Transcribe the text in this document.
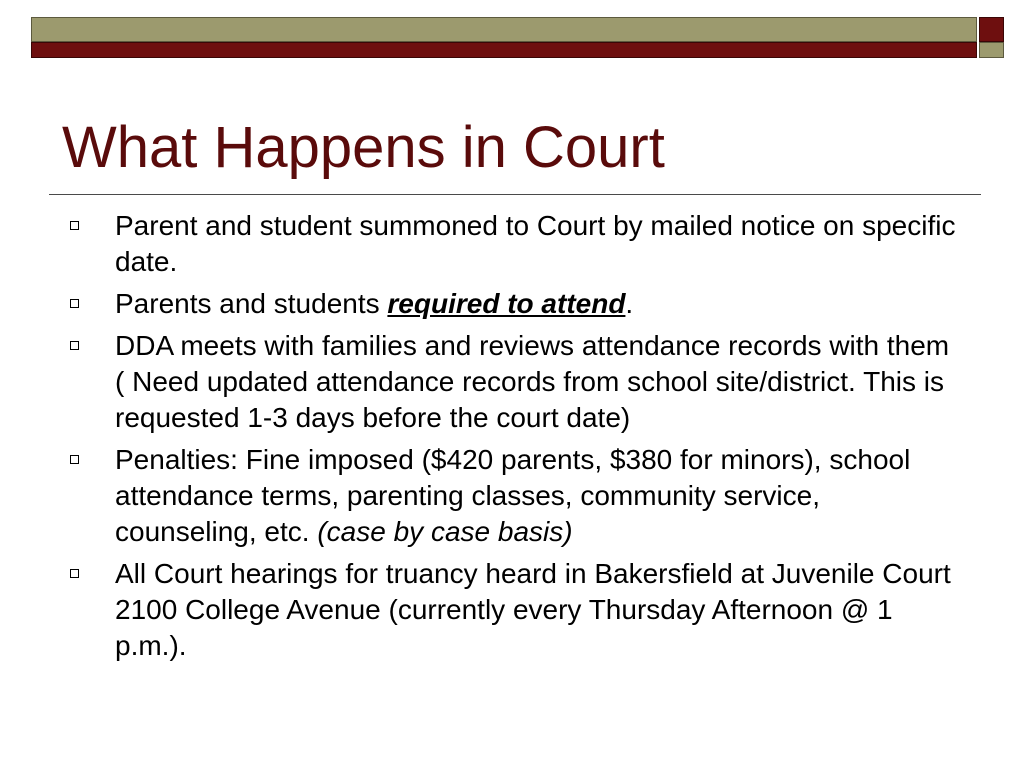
What Happens in Court
Parent and student summoned to Court by mailed notice on specific date.
Parents and students required to attend.
DDA meets with families and reviews attendance records with them ( Need updated attendance records from school site/district. This is requested 1-3 days before the court date)
Penalties: Fine imposed ($420 parents, $380 for minors), school attendance terms, parenting classes, community service, counseling, etc. (case by case basis)
All Court hearings for truancy heard in Bakersfield at Juvenile Court  2100 College Avenue (currently every Thursday Afternoon @ 1 p.m.).
